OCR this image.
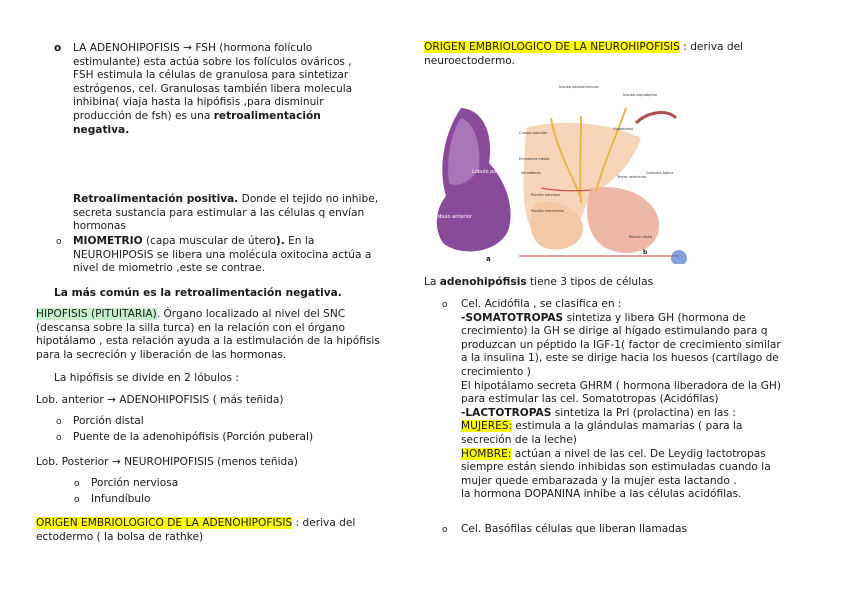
o LA ADENOHIPOFISIS → FSH (hormona folículo estimulante) esta actúa sobre los folículos ováricos , FSH estimula la células de granulosa para sintetizar estrógenos, cel. Granulosas también libera molecula inhibina( viaja hasta la hipófisis ,para disminuir producción de fsh) es una retroalimentación negativa.
Retroalimentación positiva. Donde el tejido no inhibe, secreta sustancia para estimular a las células q envían hormonas
o MIOMETRIO (capa muscular de útero). En la NEUROHIPOSIS se libera una molécula oxitocina actúa a nivel de miometrio ,este se contrae.
La más común es la retroalimentación negativa.
HIPOFISIS (PITUITARIA). Órgano localizado al nivel del SNC (descansa sobre la silla turca) en la relación con el órgano hipotálamo , esta relación ayuda a la estimulación de la hipófisis para la secreción y liberación de las hormonas.
La hipófisis se divide en 2 lóbulos :
Lob. anterior → ADENOHIPOFISIS ( más teñida)
o Porción distal
o Puente de la adenohipófisis (Porción puberal)
Lob. Posterior → NEUROHIPOFISIS (menos teñida)
o Porción nerviosa
o Infundíbulo
ORIGEN EMBRIOLOGICO DE LA ADENOHIPOFISIS : deriva del ectodermo ( la bolsa de rathke)
ORIGEN EMBRIOLOGICO DE LA NEUROHIPOFISIS : deriva del neuroectodermo.
La adenohipófisis tiene 3 tipos de células
o Cel. Acidófila , se clasifica en :
-SOMATOTROPAS sintetiza y libera GH (hormona de crecimiento) la GH se dirige al hígado estimulando para q produzcan un péptido la IGF-1( factor de crecimiento similar a la insulina 1), este se dirige hacia los huesos (cartílago de crecimiento )
El hipotálamo secreta GHRM ( hormona liberadora de la GH) para estimular las cel. Somatotropas (Acidófilas)
-LACTOTROPAS sintetiza la Prl (prolactina) en las :
MUJERES: estimula a la glándulas mamarias ( para la secreción de la leche)
HOMBRE: actúan a nivel de las cel. De Leydig lactotropas siempre están siendo inhibidas son estimuladas cuando la mujer quede embarazada y la mujer esta lactando .
la hormona DOPANINA inhibe a las células acidófilas.
o Cel. Basófilas células que liberan llamadas
Lóbulo posterior
Lóbulo anterior
a
Cuerpo mamilar
Hipotálamo
Eminencia media
Infundíbulo
Porción nerviosa
Porción intermedia
Porción distal
Quiasma óptico
Tercer ventrículo
Núcleo supraóptico
Núcleo paraventricular
b
